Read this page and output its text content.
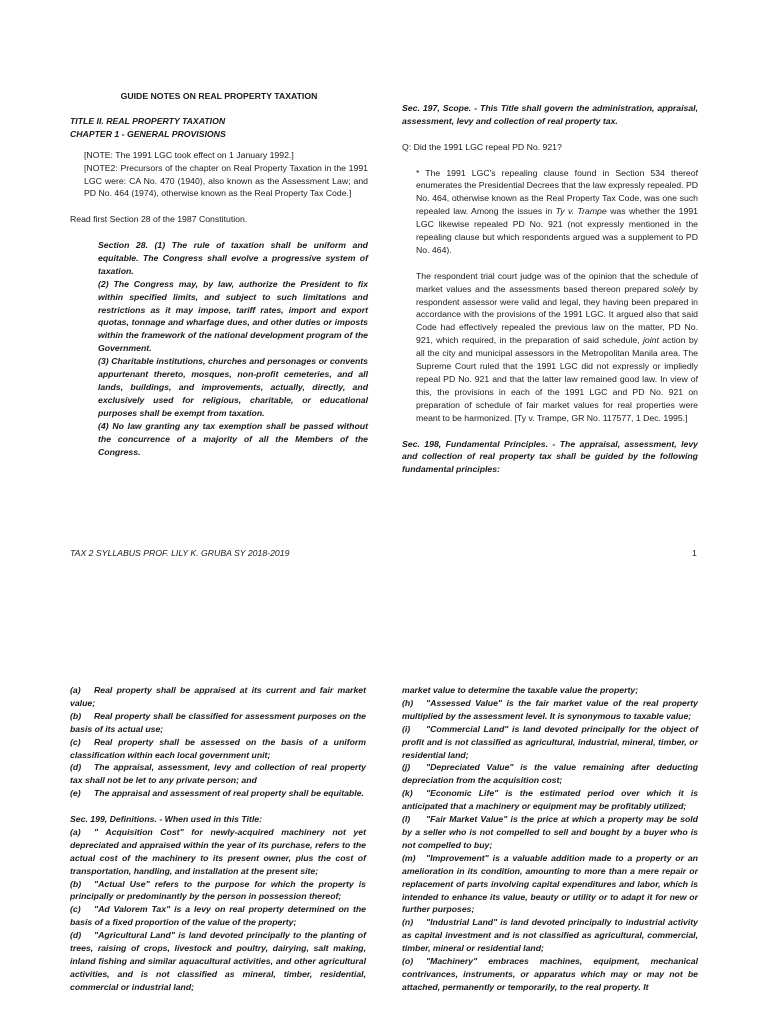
GUIDE NOTES ON REAL PROPERTY TAXATION

TITLE II. REAL PROPERTY TAXATION

CHAPTER 1 - GENERAL PROVISIONS

[NOTE: The 1991 LGC took effect on 1 January 1992.]

[NOTE2: Precursors of the chapter on Real Property Taxation in the 1991 LGC were: CA No. 470 (1940), also known as the Assessment Law; and PD No. 464 (1974), otherwise known as the Real Property Tax Code.]

Read first Section 28 of the 1987 Constitution.

Section 28. (1) The rule of taxation shall be uniform and equitable. The Congress shall evolve a progressive system of taxation.

(2) The Congress may, by law, authorize the President to fix within specified limits, and subject to such limitations and restrictions as it may impose, tariff rates, import and export quotas, tonnage and wharfage dues, and other duties or imposts within the framework of the national development program of the Government.

(3) Charitable institutions, churches and personages or convents appurtenant thereto, mosques, non-profit cemeteries, and all lands, buildings, and improvements, actually, directly, and exclusively used for religious, charitable, or educational purposes shall be exempt from taxation.

(4) No law granting any tax exemption shall be passed without the concurrence of a majority of all the Members of the Congress.

Sec. 197, Scope. - This Title shall govern the administration, appraisal, assessment, levy and collection of real property tax.

Q: Did the 1991 LGC repeal PD No. 921?

* The 1991 LGC's repealing clause found in Section 534 thereof enumerates the Presidential Decrees that the law expressly repealed. PD No. 464, otherwise known as the Real Property Tax Code, was one such repealed law. Among the issues in Ty v. Trampe was whether the 1991 LGC likewise repealed PD No. 921 (not expressly mentioned in the repealing clause but which respondents argued was a supplement to PD No. 464).

The respondent trial court judge was of the opinion that the schedule of market values and the assessments based thereon prepared solely by respondent assessor were valid and legal, they having been prepared in accordance with the provisions of the 1991 LGC. It argued also that said Code had effectively repealed the previous law on the matter, PD No. 921, which required, in the preparation of said schedule, joint action by all the city and municipal assessors in the Metropolitan Manila area. The Supreme Court ruled that the 1991 LGC did not expressly or impliedly repeal PD No. 921 and that the latter law remained good law. In view of this, the provisions in each of the 1991 LGC and PD No. 921 on preparation of schedule of fair market values for real properties were meant to be harmonized. [Ty v. Trampe, GR No. 117577, 1 Dec. 1995.]

Sec. 198, Fundamental Principles. - The appraisal, assessment, levy and collection of real property tax shall be guided by the following fundamental principles:

TAX 2 SYLLABUS PROF. LILY K. GRUBA SY 2018-2019	1

(a) Real property shall be appraised at its current and fair market value;

(b) Real property shall be classified for assessment purposes on the basis of its actual use;

(c) Real property shall be assessed on the basis of a uniform classification within each local government unit;

(d) The appraisal, assessment, levy and collection of real property tax shall not be let to any private person; and

(e) The appraisal and assessment of real property shall be equitable.

Sec. 199, Definitions. - When used in this Title:

(a) " Acquisition Cost" for newly-acquired machinery not yet depreciated and appraised within the year of its purchase, refers to the actual cost of the machinery to its present owner, plus the cost of transportation, handling, and installation at the present site;

(b) "Actual Use" refers to the purpose for which the property is principally or predominantly by the person in possession thereof;

(c) "Ad Valorem Tax" is a levy on real property determined on the basis of a fixed proportion of the value of the property;

(d) "Agricultural Land" is land devoted principally to the planting of trees, raising of crops, livestock and poultry, dairying, salt making, inland fishing and similar aquacultural activities, and other agricultural activities, and is not classified as mineral, timber, residential, commercial or industrial land;

market value to determine the taxable value the property;

(h) "Assessed Value" is the fair market value of the real property multiplied by the assessment level. It is synonymous to taxable value;

(i) "Commercial Land" is land devoted principally for the object of profit and is not classified as agricultural, industrial, mineral, timber, or residential land;

(j) "Depreciated Value" is the value remaining after deducting depreciation from the acquisition cost;

(k) "Economic Life" is the estimated period over which it is anticipated that a machinery or equipment may be profitably utilized;

(l) "Fair Market Value" is the price at which a property may be sold by a seller who is not compelled to sell and bought by a buyer who is not compelled to buy;

(m) "Improvement" is a valuable addition made to a property or an amelioration in its condition, amounting to more than a mere repair or replacement of parts involving capital expenditures and labor, which is intended to enhance its value, beauty or utility or to adapt it for new or further purposes;

(n) "Industrial Land" is land devoted principally to industrial activity as capital investment and is not classified as agricultural, commercial, timber, mineral or residential land;

(o) "Machinery" embraces machines, equipment, mechanical contrivances, instruments, or apparatus which may or may not be attached, permanently or temporarily, to the real property. It
